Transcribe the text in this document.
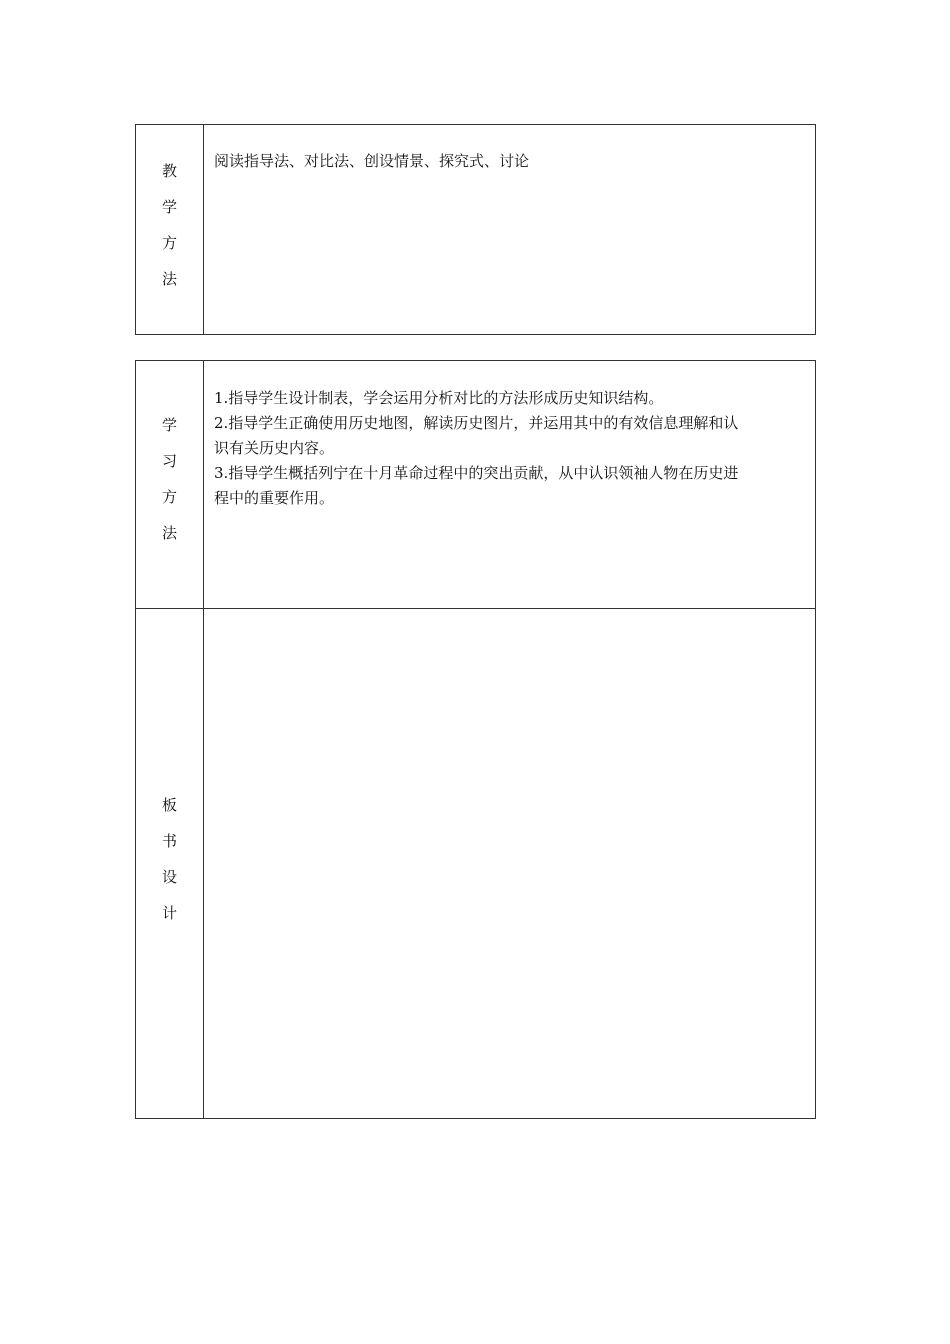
教
学
方
法
阅读指导法、对比法、创设情景、探究式、讨论
学
习
方
法
1.指导学生设计制表，学会运用分析对比的方法形成历史知识结构。
2.指导学生正确使用历史地图，解读历史图片，并运用其中的有效信息理解和认
识有关历史内容。
3.指导学生概括列宁在十月革命过程中的突出贡献，从中认识领袖人物在历史进
程中的重要作用。
板
书
设
计
